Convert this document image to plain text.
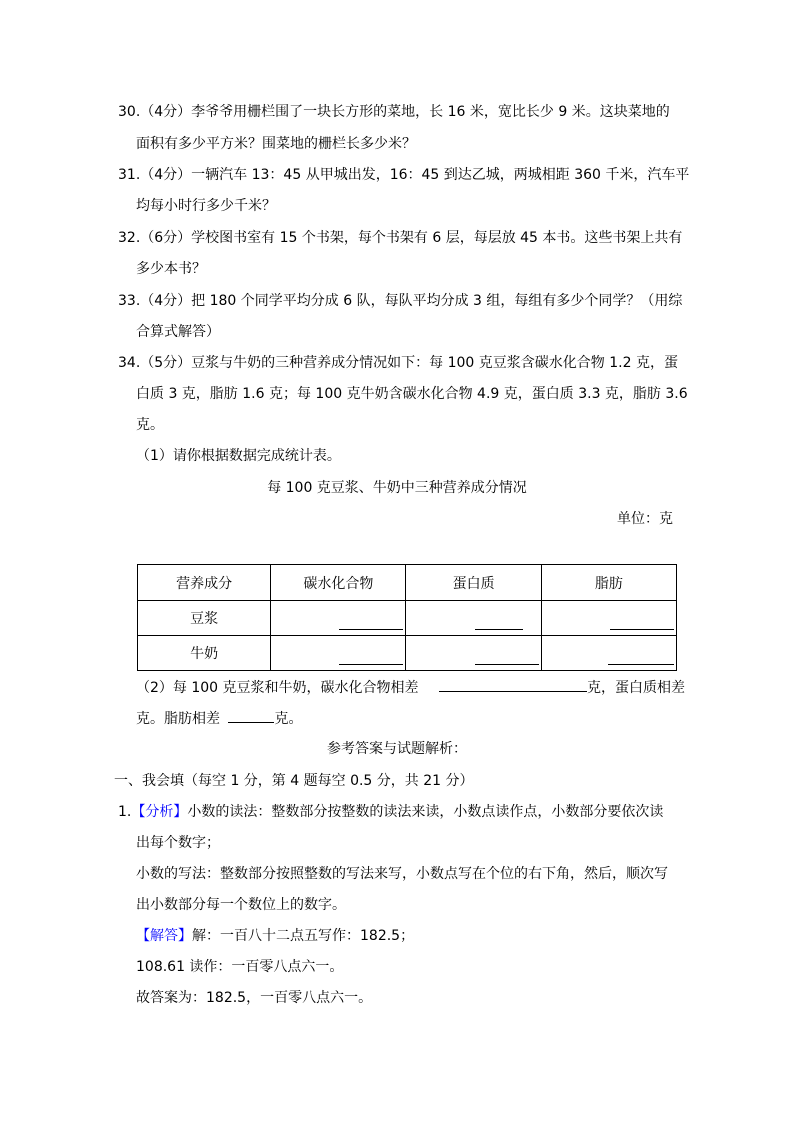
30.（4分）李爷爷用栅栏围了一块长方形的菜地，长 16 米，宽比长少 9 米。这块菜地的
面积有多少平方米？围菜地的栅栏长多少米？
31.（4分）一辆汽车 13：45 从甲城出发，16：45 到达乙城，两城相距 360 千米，汽车平
均每小时行多少千米？
32.（6分）学校图书室有 15 个书架，每个书架有 6 层，每层放 45 本书。这些书架上共有
多少本书？
33.（4分）把 180 个同学平均分成 6 队，每队平均分成 3 组，每组有多少个同学？（用综
合算式解答）
34.（5分）豆浆与牛奶的三种营养成分情况如下：每 100 克豆浆含碳水化合物 1.2 克，蛋
白质 3 克，脂肪 1.6 克；每 100 克牛奶含碳水化合物 4.9 克，蛋白质 3.3 克，脂肪 3.6
克。
（1）请你根据数据完成统计表。
每 100 克豆浆、牛奶中三种营养成分情况
单位：克
营养成分	碳水化合物	蛋白质	脂肪
豆浆	

牛奶	

（2）每 100 克豆浆和牛奶，碳水化合物相差	克，蛋白质相差
克。脂肪相差	克。
参考答案与试题解析：
一、我会填（每空 1 分，第 4 题每空 0.5 分，共 21 分）
1.【分析】小数的读法：整数部分按整数的读法来读，小数点读作点，小数部分要依次读
出每个数字；
小数的写法：整数部分按照整数的写法来写，小数点写在个位的右下角，然后，顺次写
出小数部分每一个数位上的数字。
【解答】解：一百八十二点五写作：182.5；
108.61 读作：一百零八点六一。
故答案为：182.5，一百零八点六一。
